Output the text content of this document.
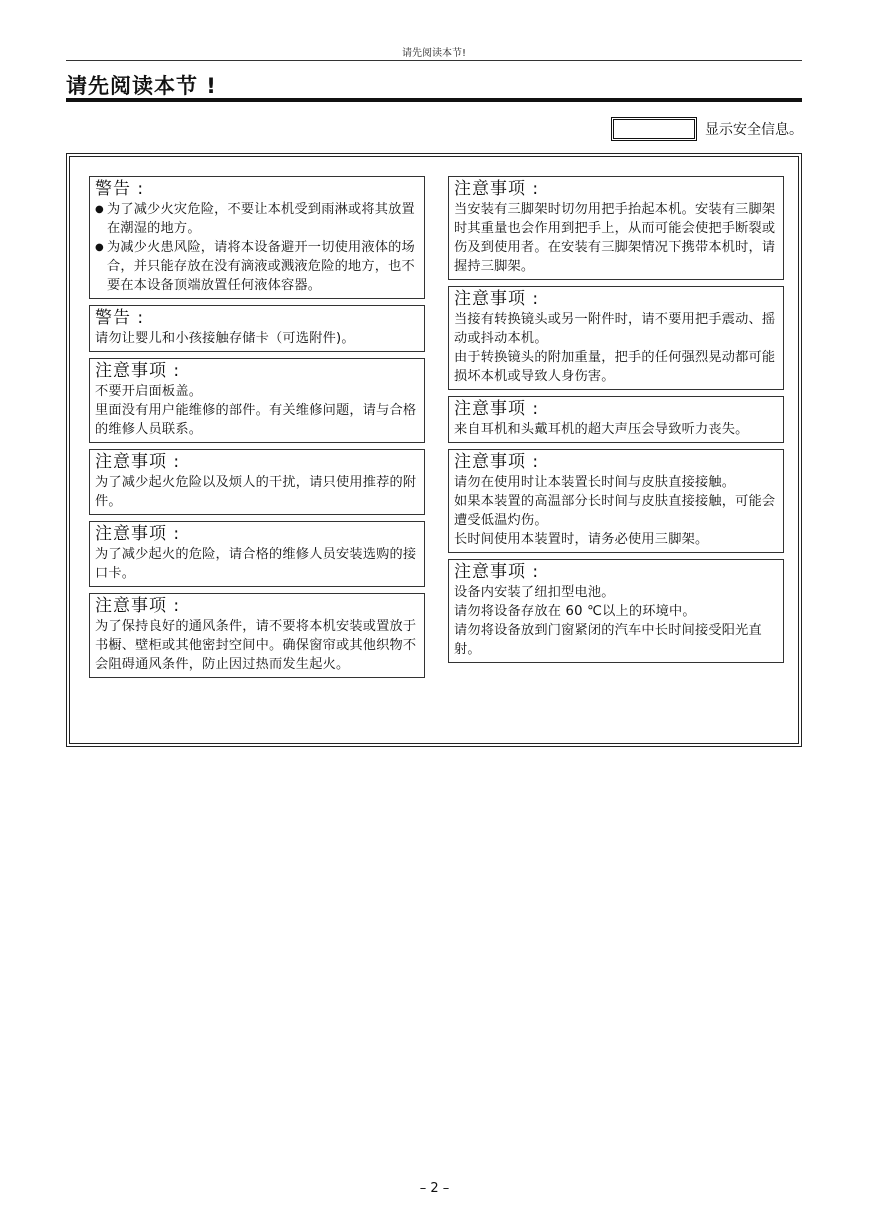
请先阅读本节!
请先阅读本节 !
显示安全信息。
警告 :
● 为了减少火灾危险，不要让本机受到雨淋或将其放置在潮湿的地方。
● 为减少火患风险，请将本设备避开一切使用液体的场合，并只能存放在没有滴液或溅液危险的地方，也不要在本设备顶端放置任何液体容器。
警告 :
请勿让婴儿和小孩接触存储卡（可选附件)。
注意事项 :
不要开启面板盖。
里面没有用户能维修的部件。有关维修问题，请与合格的维修人员联系。
注意事项 :
为了减少起火危险以及烦人的干扰，请只使用推荐的附件。
注意事项 :
为了减少起火的危险，请合格的维修人员安装选购的接口卡。
注意事项 :
为了保持良好的通风条件，请不要将本机安装或置放于书橱、壁柜或其他密封空间中。确保窗帘或其他织物不会阻碍通风条件，防止因过热而发生起火。
注意事项 :
当安装有三脚架时切勿用把手抬起本机。安装有三脚架时其重量也会作用到把手上，从而可能会使把手断裂或伤及到使用者。在安装有三脚架情况下携带本机时，请握持三脚架。
注意事项 :
当接有转换镜头或另一附件时，请不要用把手震动、摇动或抖动本机。
由于转换镜头的附加重量，把手的任何强烈晃动都可能损坏本机或导致人身伤害。
注意事项 :
来自耳机和头戴耳机的超大声压会导致听力丧失。
注意事项 :
请勿在使用时让本装置长时间与皮肤直接接触。
如果本装置的高温部分长时间与皮肤直接接触，可能会遭受低温灼伤。
长时间使用本装置时，请务必使用三脚架。
注意事项 :
设备内安装了纽扣型电池。
请勿将设备存放在 60 ℃以上的环境中。
请勿将设备放到门窗紧闭的汽车中长时间接受阳光直射。
– 2 –
